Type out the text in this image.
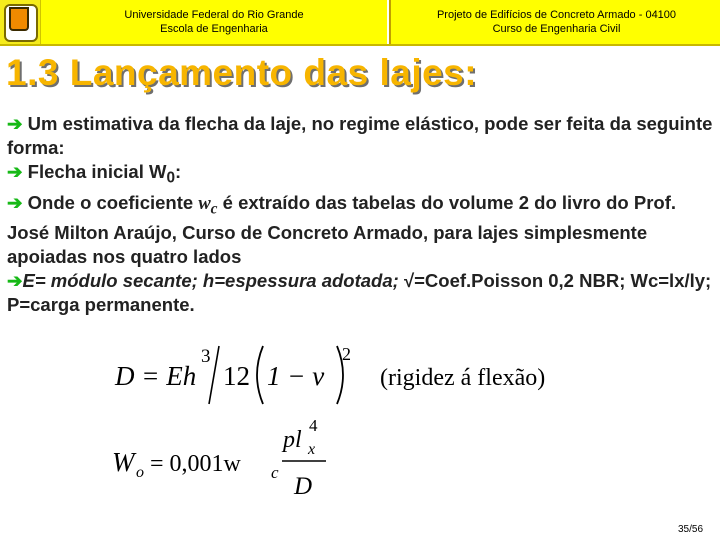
Universidade Federal do Rio Grande
Escola de Engenharia
Projeto de Edifícios de Concreto Armado - 04100
Curso de Engenharia Civil
1.3 Lançamento das lajes:

➔ Um estimativa da flecha da laje, no regime elástico, pode ser feita da seguinte forma:

➔ Flecha inicial $W_0$:

➔ Onde o coeficiente $w_c$ é extraído das tabelas do volume 2 do livro do Prof. José Milton Araújo, Curso de Concreto Armado, para lajes simplesmente apoiadas nos quatro lados

➔E= módulo secante; h=espessura adotada; √=Coef.Poisson 0,2 NBR; Wc=lx/ly; P=carga permanente.

D = Eh
3
12 1 − ν
2
(rigidez á flexão)
W o = 0,001w c
pl x
4
D
35/56
